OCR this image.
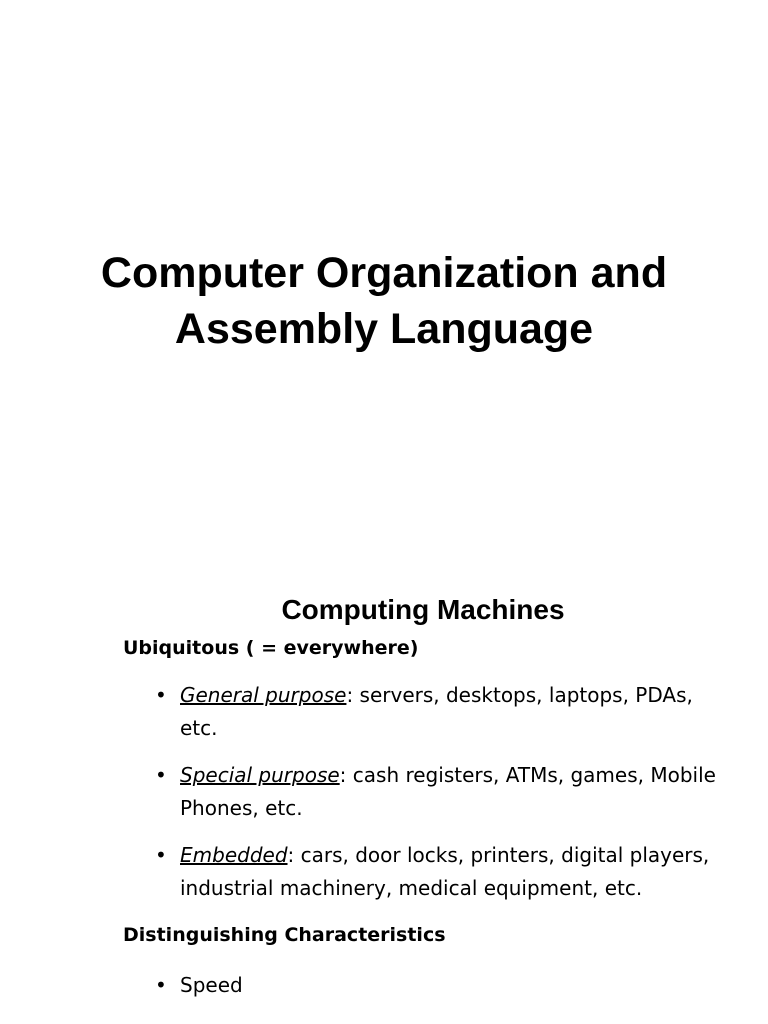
Computer Organization and
Assembly Language
Computing Machines
Ubiquitous ( = everywhere)
• General purpose: servers, desktops, laptops, PDAs, etc.
• Special purpose: cash registers, ATMs, games, Mobile Phones, etc.
• Embedded: cars, door locks, printers, digital players, industrial machinery, medical equipment, etc.
Distinguishing Characteristics
• Speed
